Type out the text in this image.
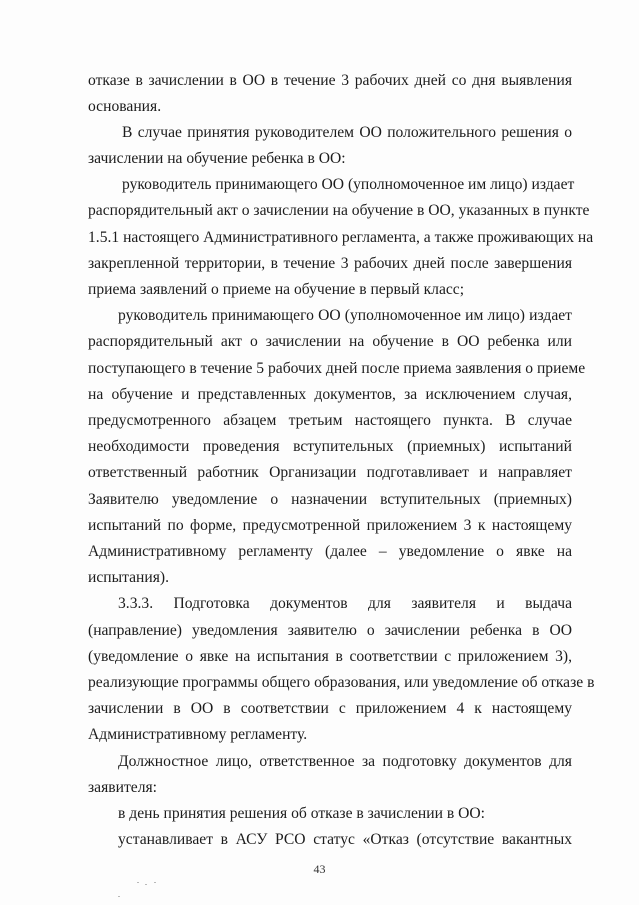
отказе в зачислении в ОО в течение 3 рабочих дней со дня выявления
основания.
В случае принятия руководителем ОО положительного решения о
зачислении на обучение ребенка в ОО:
руководитель принимающего ОО (уполномоченное им лицо) издает
распорядительный акт о зачислении на обучение в ОО, указанных в пункте
1.5.1 настоящего Административного регламента, а также проживающих на
закрепленной территории, в течение 3 рабочих дней после завершения
приема заявлений о приеме на обучение в первый класс;
руководитель принимающего ОО (уполномоченное им лицо) издает
распорядительный акт о зачислении на обучение в ОО ребенка или
поступающего в течение 5 рабочих дней после приема заявления о приеме
на обучение и представленных документов, за исключением случая,
предусмотренного абзацем третьим настоящего пункта. В случае
необходимости проведения вступительных (приемных) испытаний
ответственный работник Организации подготавливает и направляет
Заявителю уведомление о назначении вступительных (приемных)
испытаний по форме, предусмотренной приложением 3 к настоящему
Административному регламенту (далее – уведомление о явке на
испытания).
3.3.3. Подготовка документов для заявителя и выдача
(направление) уведомления заявителю о зачислении ребенка в ОО
(уведомление о явке на испытания в соответствии с приложением 3),
реализующие программы общего образования, или уведомление об отказе в
зачислении в ОО в соответствии с приложением 4 к настоящему
Административному регламенту.
Должностное лицо, ответственное за подготовку документов для
заявителя:
в день принятия решения об отказе в зачислении в ОО:
устанавливает в АСУ РСО статус «Отказ (отсутствие вакантных
43
